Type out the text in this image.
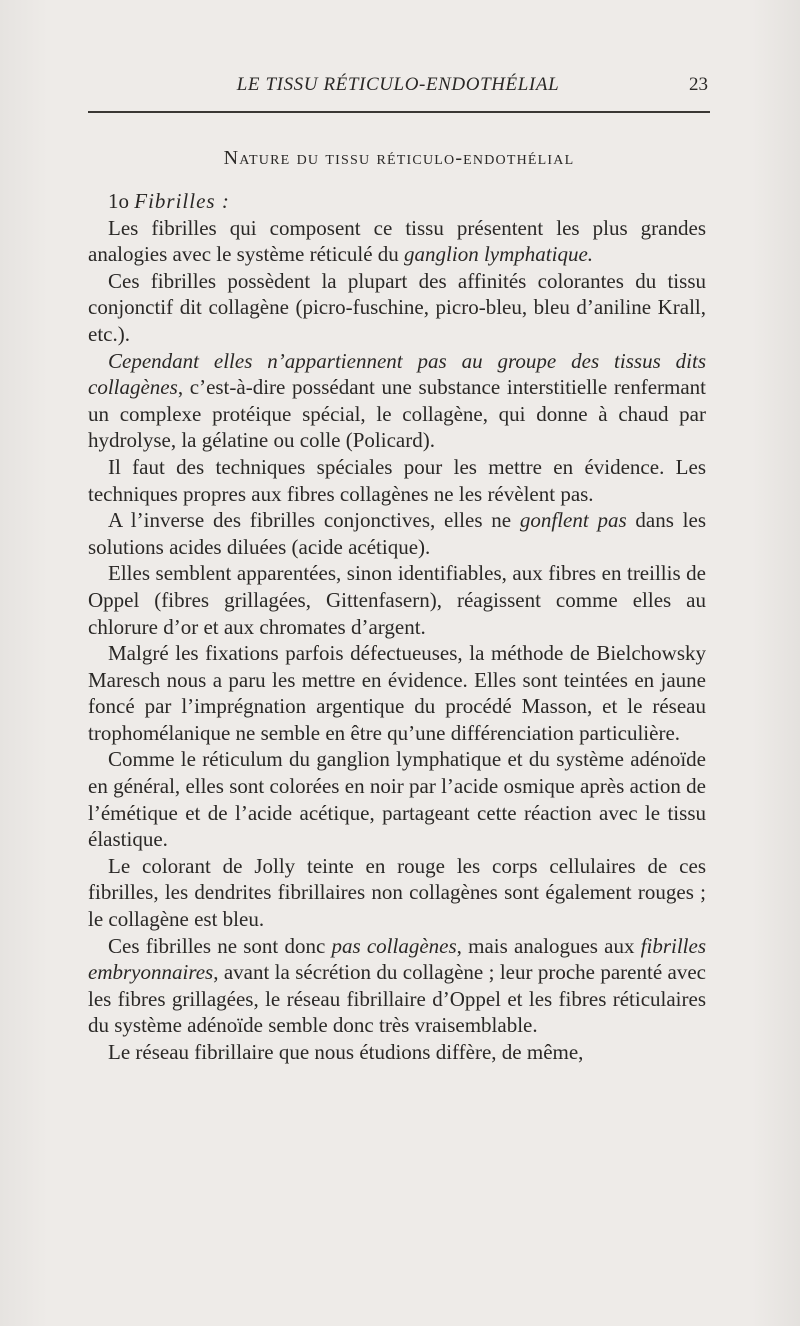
LE TISSU RÉTICULO-ENDOTHÉLIAL	23
Nature du tissu réticulo-endothélial

1o Fibrilles :

Les fibrilles qui composent ce tissu présentent les plus grandes analogies avec le système réticulé du ganglion lymphatique.

Ces fibrilles possèdent la plupart des affinités colorantes du tissu conjonctif dit collagène (picro-fuschine, picro-bleu, bleu d’aniline Krall, etc.).

Cependant elles n’appartiennent pas au groupe des tissus dits collagènes, c’est-à-dire possédant une substance interstitielle renfermant un complexe protéique spécial, le collagène, qui donne à chaud par hydrolyse, la gélatine ou colle (Policard).

Il faut des techniques spéciales pour les mettre en évidence. Les techniques propres aux fibres collagènes ne les révèlent pas.

A l’inverse des fibrilles conjonctives, elles ne gonflent pas dans les solutions acides diluées (acide acétique).

Elles semblent apparentées, sinon identifiables, aux fibres en treillis de Oppel (fibres grillagées, Gittenfasern), réagissent comme elles au chlorure d’or et aux chromates d’argent.

Malgré les fixations parfois défectueuses, la méthode de Bielchowsky Maresch nous a paru les mettre en évidence. Elles sont teintées en jaune foncé par l’imprégnation argentique du procédé Masson, et le réseau trophomélanique ne semble en être qu’une différenciation particulière.

Comme le réticulum du ganglion lymphatique et du système adénoïde en général, elles sont colorées en noir par l’acide osmique après action de l’émétique et de l’acide acétique, partageant cette réaction avec le tissu élastique.

Le colorant de Jolly teinte en rouge les corps cellulaires de ces fibrilles, les dendrites fibrillaires non collagènes sont également rouges ; le collagène est bleu.

Ces fibrilles ne sont donc pas collagènes, mais analogues aux fibrilles embryonnaires, avant la sécrétion du collagène ; leur proche parenté avec les fibres grillagées, le réseau fibrillaire d’Oppel et les fibres réticulaires du système adénoïde semble donc très vraisemblable.

Le réseau fibrillaire que nous étudions diffère, de même,
